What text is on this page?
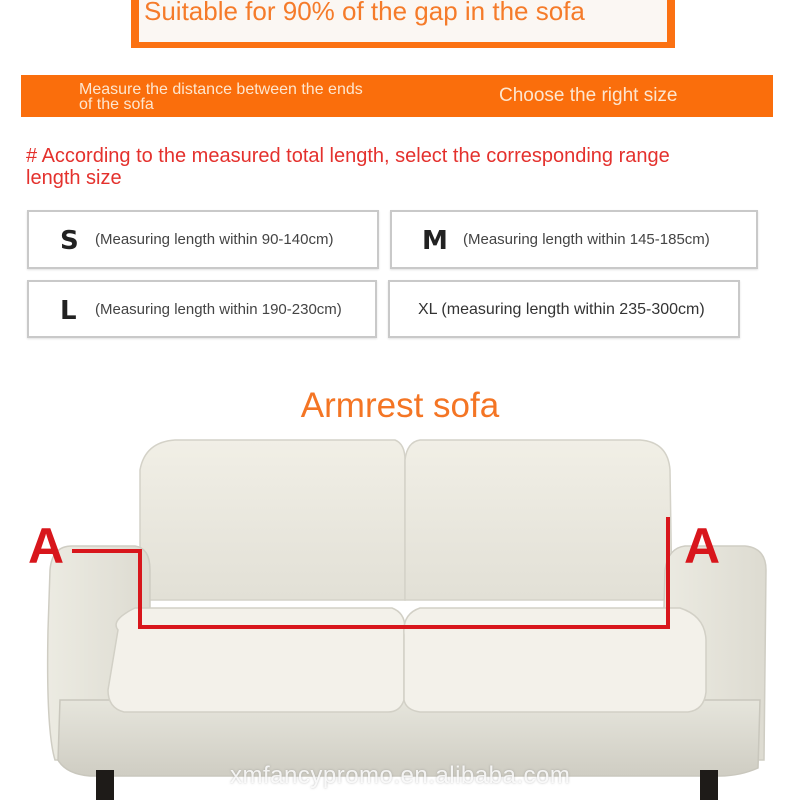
Suitable for 90% of the gap in the sofa
Measure the distance between the ends of the sofa	Choose the right size
# According to the measured total length, select the corresponding range length size
S (Measuring length within 90-140cm)	M (Measuring length within 145-185cm)
L (Measuring length within 190-230cm)	XL (measuring length within 235-300cm)
Armrest sofa
A	A
xmfancypromo.en.alibaba.com
